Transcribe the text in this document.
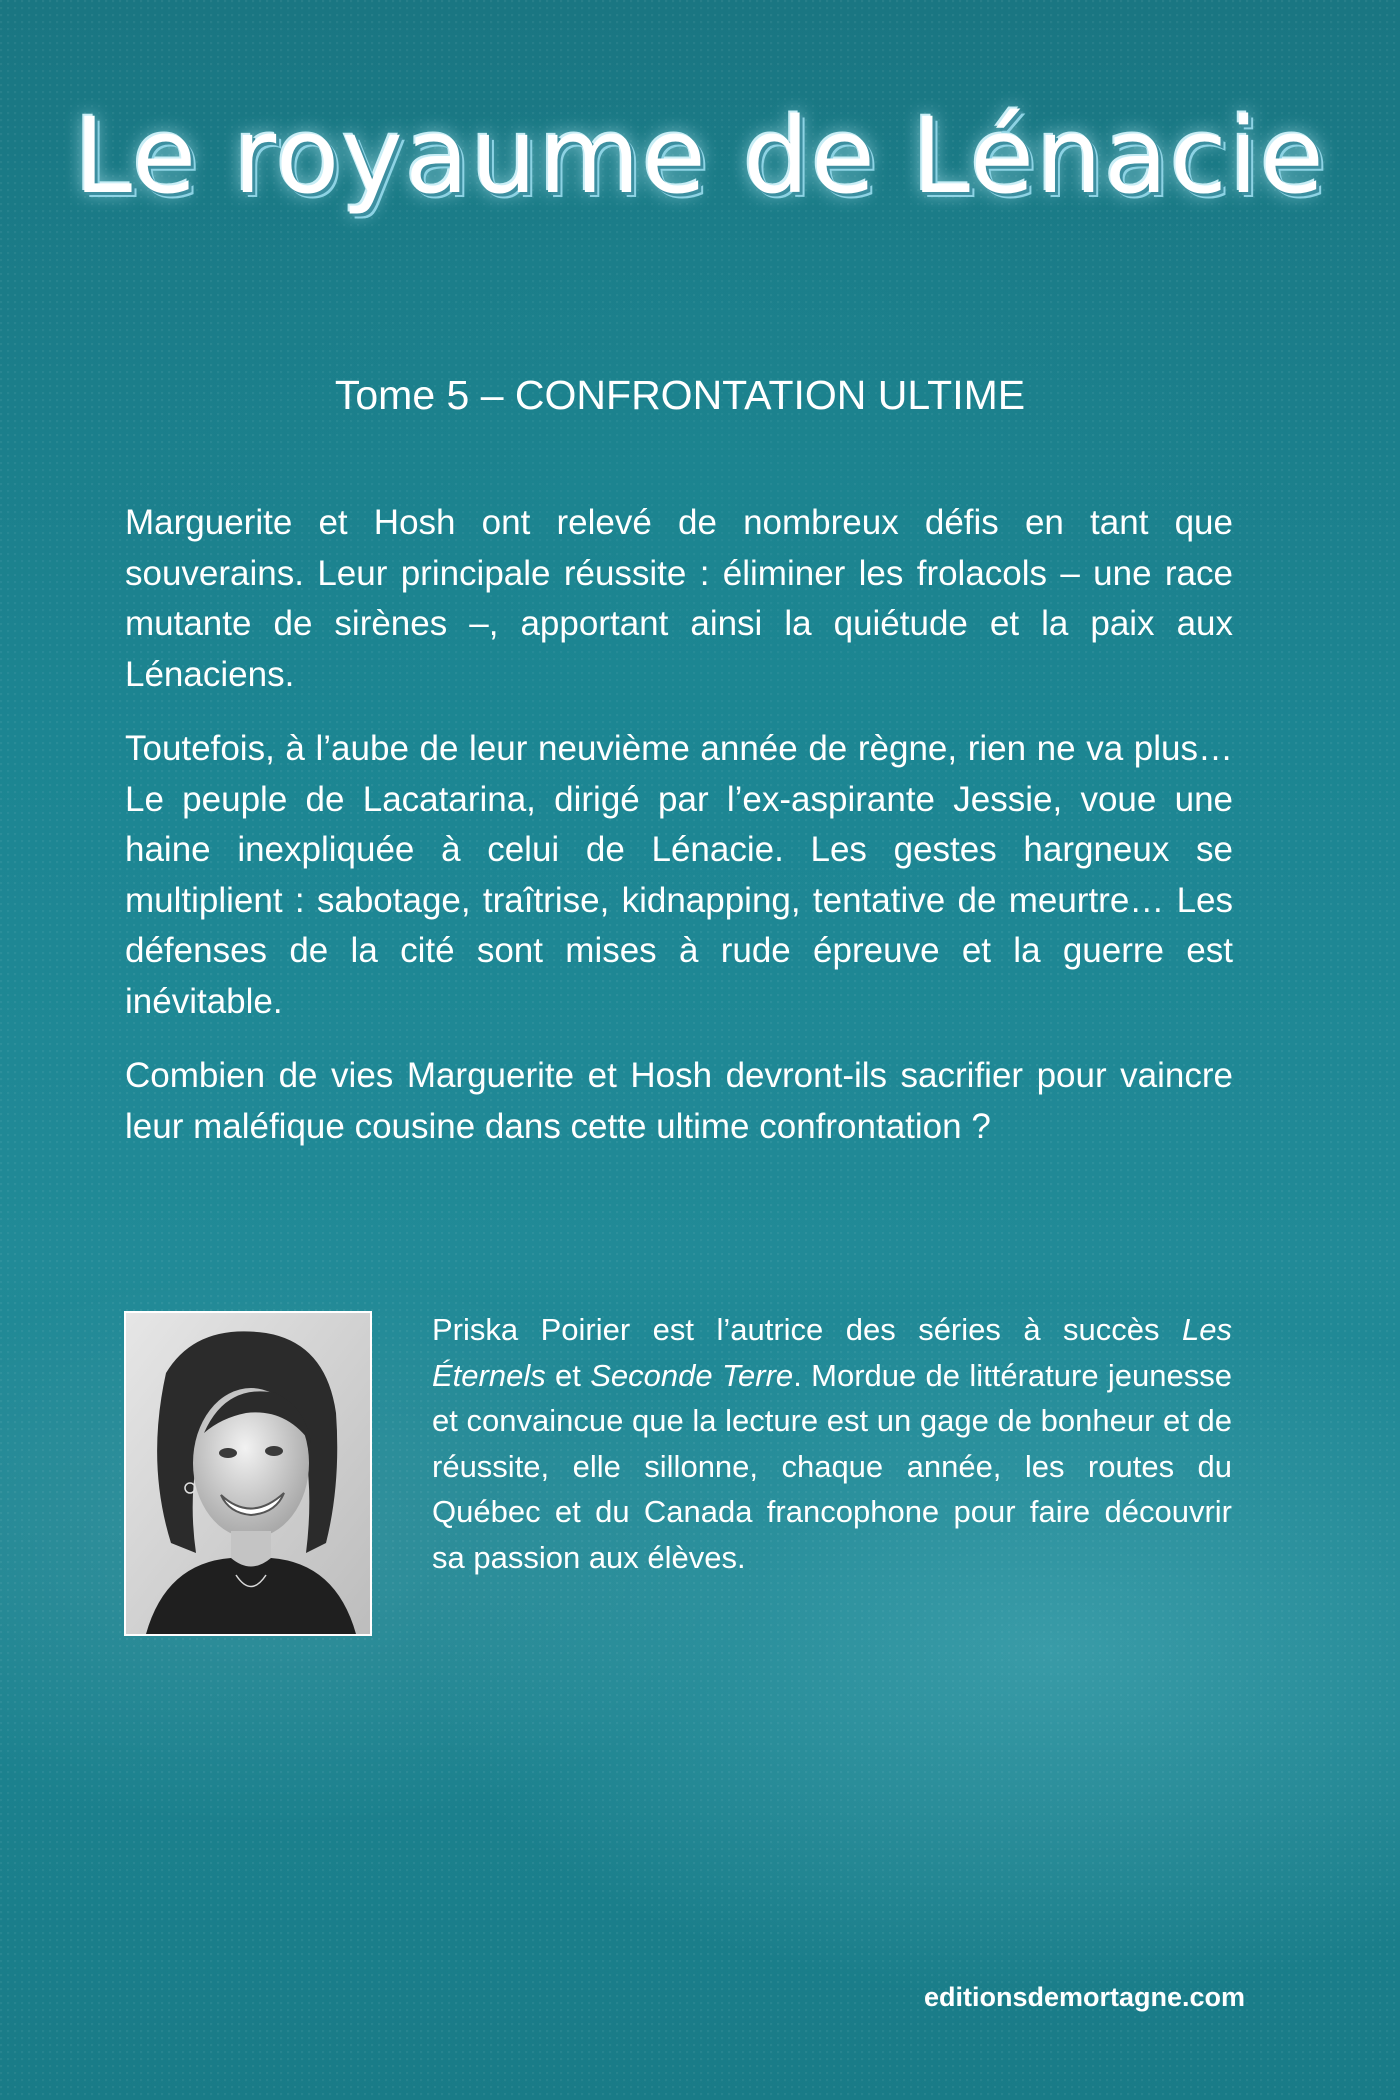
Le royaume de Lénacie
Tome 5 – CONFRONTATION ULTIME

Marguerite et Hosh ont relevé de nombreux défis en tant que souverains. Leur principale réussite : éliminer les frolacols – une race mutante de sirènes –, apportant ainsi la quiétude et la paix aux Lénaciens.

Toutefois, à l’aube de leur neuvième année de règne, rien ne va plus… Le peuple de Lacatarina, dirigé par l’ex-aspirante Jessie, voue une haine inexpliquée à celui de Lénacie. Les gestes hargneux se multiplient : sabotage, traîtrise, kidnapping, tentative de meurtre… Les défenses de la cité sont mises à rude épreuve et la guerre est inévitable.

Combien de vies Marguerite et Hosh devront-ils sacrifier pour vaincre leur maléfique cousine dans cette ultime confrontation ?

Priska Poirier est l’autrice des séries à succès Les Éternels et Seconde Terre. Mordue de littérature jeunesse et convaincue que la lecture est un gage de bonheur et de réussite, elle sillonne, chaque année, les routes du Québec et du Canada francophone pour faire découvrir sa passion aux élèves.

editionsdemortagne.com
